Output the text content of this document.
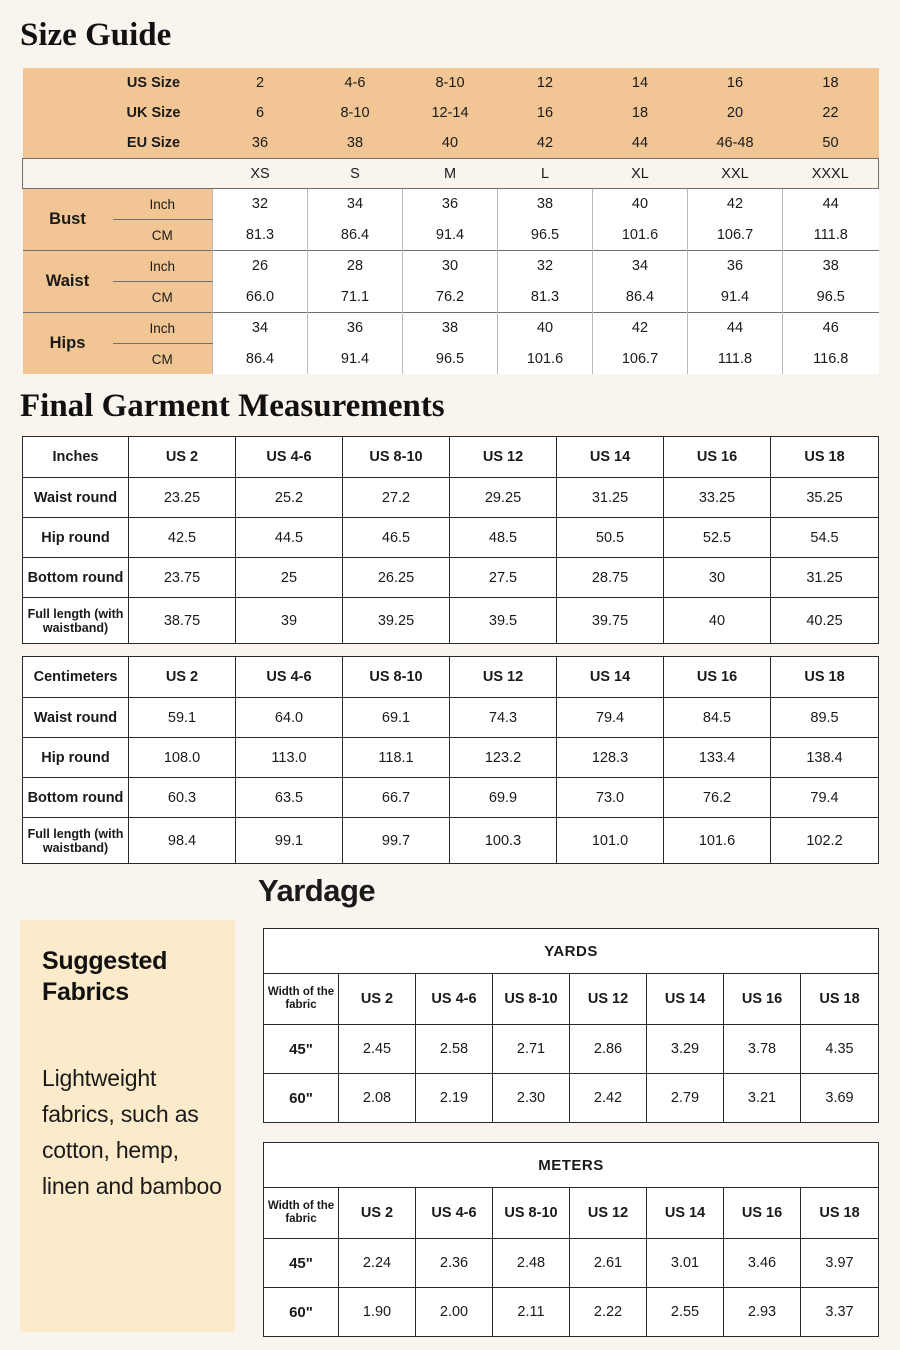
Size Guide
	US Size	2	4-6	8-10	12	14	16	18
	UK Size	6	8-10	12-14	16	18	20	22
	EU Size	36	38	40	42	44	46-48	50
		XS	S	M	L	XL	XXL	XXXL
Bust	Inch	32	34	36	38	40	42	44
	CM	81.3	86.4	91.4	96.5	101.6	106.7	111.8
Waist	Inch	26	28	30	32	34	36	38
	CM	66.0	71.1	76.2	81.3	86.4	91.4	96.5
Hips	Inch	34	36	38	40	42	44	46
	CM	86.4	91.4	96.5	101.6	106.7	111.8	116.8
Final Garment Measurements
Inches	US 2	US 4-6	US 8-10	US 12	US 14	US 16	US 18
Waist round	23.25	25.2	27.2	29.25	31.25	33.25	35.25
Hip round	42.5	44.5	46.5	48.5	50.5	52.5	54.5
Bottom round	23.75	25	26.25	27.5	28.75	30	31.25
Full length (with waistband)	38.75	39	39.25	39.5	39.75	40	40.25
Centimeters	US 2	US 4-6	US 8-10	US 12	US 14	US 16	US 18
Waist round	59.1	64.0	69.1	74.3	79.4	84.5	89.5
Hip round	108.0	113.0	118.1	123.2	128.3	133.4	138.4
Bottom round	60.3	63.5	66.7	69.9	73.0	76.2	79.4
Full length (with waistband)	98.4	99.1	99.7	100.3	101.0	101.6	102.2
Suggested Fabrics
Lightweight fabrics, such as cotton, hemp, linen and bamboo
Yardage
YARDS							
Width of the fabric	US 2	US 4-6	US 8-10	US 12	US 14	US 16	US 18
45"	2.45	2.58	2.71	2.86	3.29	3.78	4.35
60"	2.08	2.19	2.30	2.42	2.79	3.21	3.69
METERS							
Width of the fabric	US 2	US 4-6	US 8-10	US 12	US 14	US 16	US 18
45"	2.24	2.36	2.48	2.61	3.01	3.46	3.97
60"	1.90	2.00	2.11	2.22	2.55	2.93	3.37
